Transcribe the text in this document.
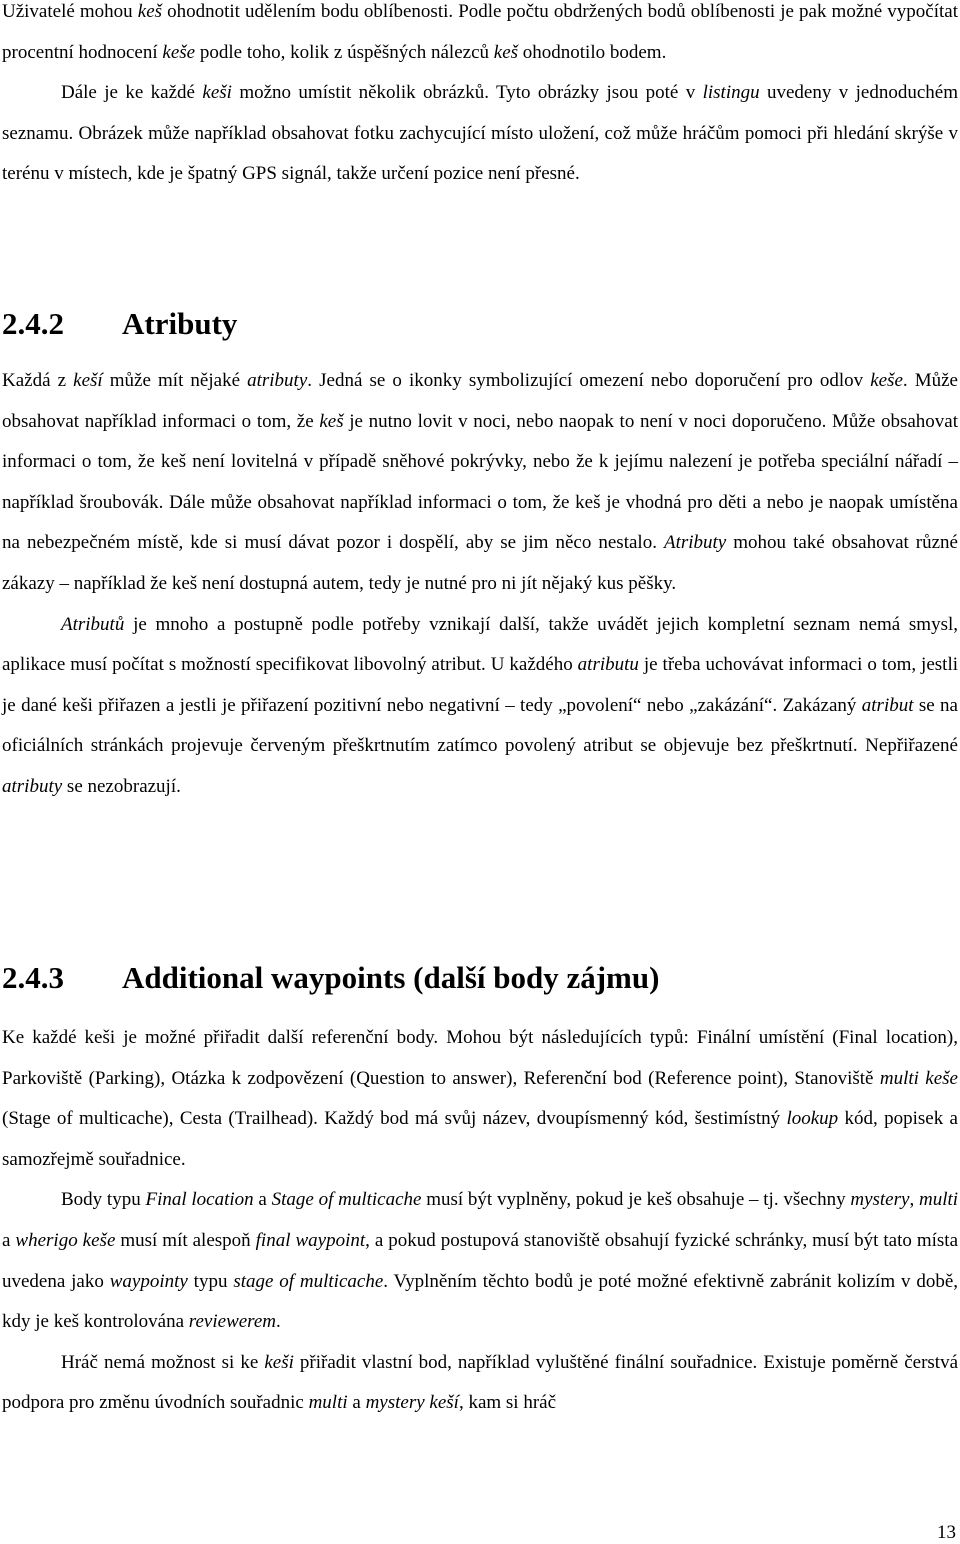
Uživatelé mohou keš ohodnotit udělením bodu oblíbenosti. Podle počtu obdržených bodů oblíbenosti je pak možné vypočítat procentní hodnocení keše podle toho, kolik z úspěšných nálezců keš ohodnotilo bodem.

Dále je ke každé keši možno umístit několik obrázků. Tyto obrázky jsou poté v listingu uvedeny v jednoduchém seznamu. Obrázek může například obsahovat fotku zachycující místo uložení, což může hráčům pomoci při hledání skrýše v terénu v místech, kde je špatný GPS signál, takže určení pozice není přesné.

2.4.2 Atributy

Každá z keší může mít nějaké atributy. Jedná se o ikonky symbolizující omezení nebo doporučení pro odlov keše. Může obsahovat například informaci o tom, že keš je nutno lovit v noci, nebo naopak to není v noci doporučeno. Může obsahovat informaci o tom, že keš není lovitelná v případě sněhové pokrývky, nebo že k jejímu nalezení je potřeba speciální nářadí – například šroubovák. Dále může obsahovat například informaci o tom, že keš je vhodná pro děti a nebo je naopak umístěna na nebezpečném místě, kde si musí dávat pozor i dospělí, aby se jim něco nestalo. Atributy mohou také obsahovat různé zákazy – například že keš není dostupná autem, tedy je nutné pro ni jít nějaký kus pěšky.

Atributů je mnoho a postupně podle potřeby vznikají další, takže uvádět jejich kompletní seznam nemá smysl, aplikace musí počítat s možností specifikovat libovolný atribut. U každého atributu je třeba uchovávat informaci o tom, jestli je dané keši přiřazen a jestli je přiřazení pozitivní nebo negativní – tedy „povolení“ nebo „zakázání“. Zakázaný atribut se na oficiálních stránkách projevuje červeným přeškrtnutím zatímco povolený atribut se objevuje bez přeškrtnutí. Nepřiřazené atributy se nezobrazují.

2.4.3 Additional waypoints (další body zájmu)

Ke každé keši je možné přiřadit další referenční body. Mohou být následujících typů: Finální umístění (Final location), Parkoviště (Parking), Otázka k zodpovězení (Question to answer), Referenční bod (Reference point), Stanoviště multi keše (Stage of multicache), Cesta (Trailhead). Každý bod má svůj název, dvoupísmenný kód, šestimístný lookup kód, popisek a samozřejmě souřadnice.

Body typu Final location a Stage of multicache musí být vyplněny, pokud je keš obsahuje – tj. všechny mystery, multi a wherigo keše musí mít alespoň final waypoint, a pokud postupová stanoviště obsahují fyzické schránky, musí být tato místa uvedena jako waypointy typu stage of multicache. Vyplněním těchto bodů je poté možné efektivně zabránit kolizím v době, kdy je keš kontrolována reviewerem.

Hráč nemá možnost si ke keši přiřadit vlastní bod, například vyluštěné finální souřadnice. Existuje poměrně čerstvá podpora pro změnu úvodních souřadnic multi a mystery keší, kam si hráč

13
